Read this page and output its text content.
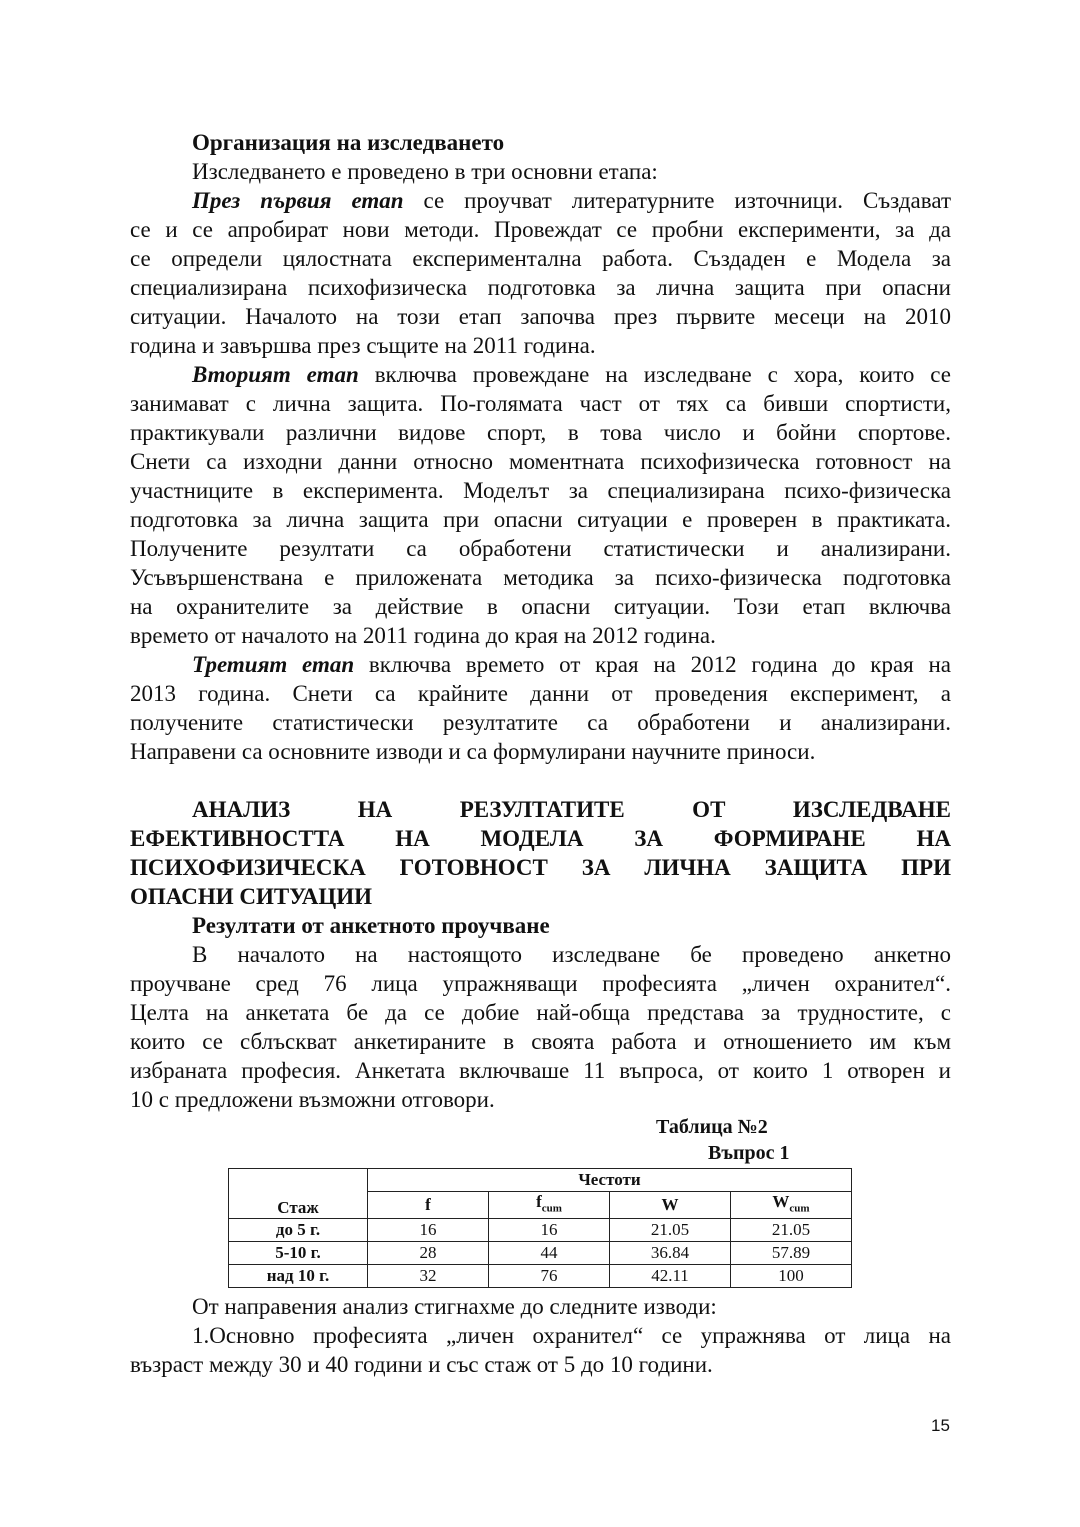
Организация на изследването

Изследването е проведено в три основни етапа:

През първия етап се проучват литературните източници. Създават

се и се апробират нови методи. Провеждат се пробни експерименти, за да

се определи цялостната експериментална работа. Създаден е Модела за

специализирана психофизическа подготовка за лична защита при опасни

ситуации. Началото на този етап започва през първите месеци на 2010

година и завършва през същите на 2011 година.

Вторият етап включва провеждане на изследване с хора, които се

занимават с лична защита. По-голямата част от тях са бивши спортисти,

практикували различни видове спорт, в това число и бойни спортове.

Снети са изходни данни относно моментната психофизическа готовност на

участниците в експеримента. Моделът за специализирана психо-физическа

подготовка за лична защита при опасни ситуации е проверен в практиката.

Получените резултати са обработени статистически и анализирани.

Усъвършенствана е приложената методика за психо-физическа подготовка

на охранителите за действие в опасни ситуации. Този етап включва

времето от началото на 2011 година до края на 2012 година.

Третият етап включва времето от края на 2012 година до края на

2013 година. Снети са крайните данни от проведения експеримент, а

получените статистически резултатите са обработени и анализирани.

Направени са основните изводи и са формулирани научните приноси.

АНАЛИЗ НА РЕЗУЛТАТИТЕ ОТ ИЗСЛЕДВАНЕ

ЕФЕКТИВНОСТТА НА МОДЕЛА ЗА ФОРМИРАНЕ НА

ПСИХОФИЗИЧЕСКА ГОТОВНОСТ ЗА ЛИЧНА ЗАЩИТА ПРИ

ОПАСНИ СИТУАЦИИ

Резултати от анкетното проучване

В началото на настоящото изследване бе проведено анкетно

проучване сред 76 лица упражняващи професията „личен охранител“.

Целта на анкетата бе да се добие най-обща представа за трудностите, с

които се сблъскват анкетираните в своята работа и отношението им към

избраната професия. Анкетата включваше 11 въпроса, от които 1 отворен и

10 с предложени възможни отговори.

Таблица №2

Въпрос 1

Стаж	Честоти			
	f	$f_{cum}$	W	$W_{cum}$
до 5 г.	16	16	21.05	21.05
5-10 г.	28	44	36.84	57.89
над 10 г.	32	76	42.11	100

От направения анализ стигнахме до следните изводи:

1.Основно професията „личен охранител“ се упражнява от лица на

възраст между 30 и 40 години и със стаж от 5 до 10 години.

15
